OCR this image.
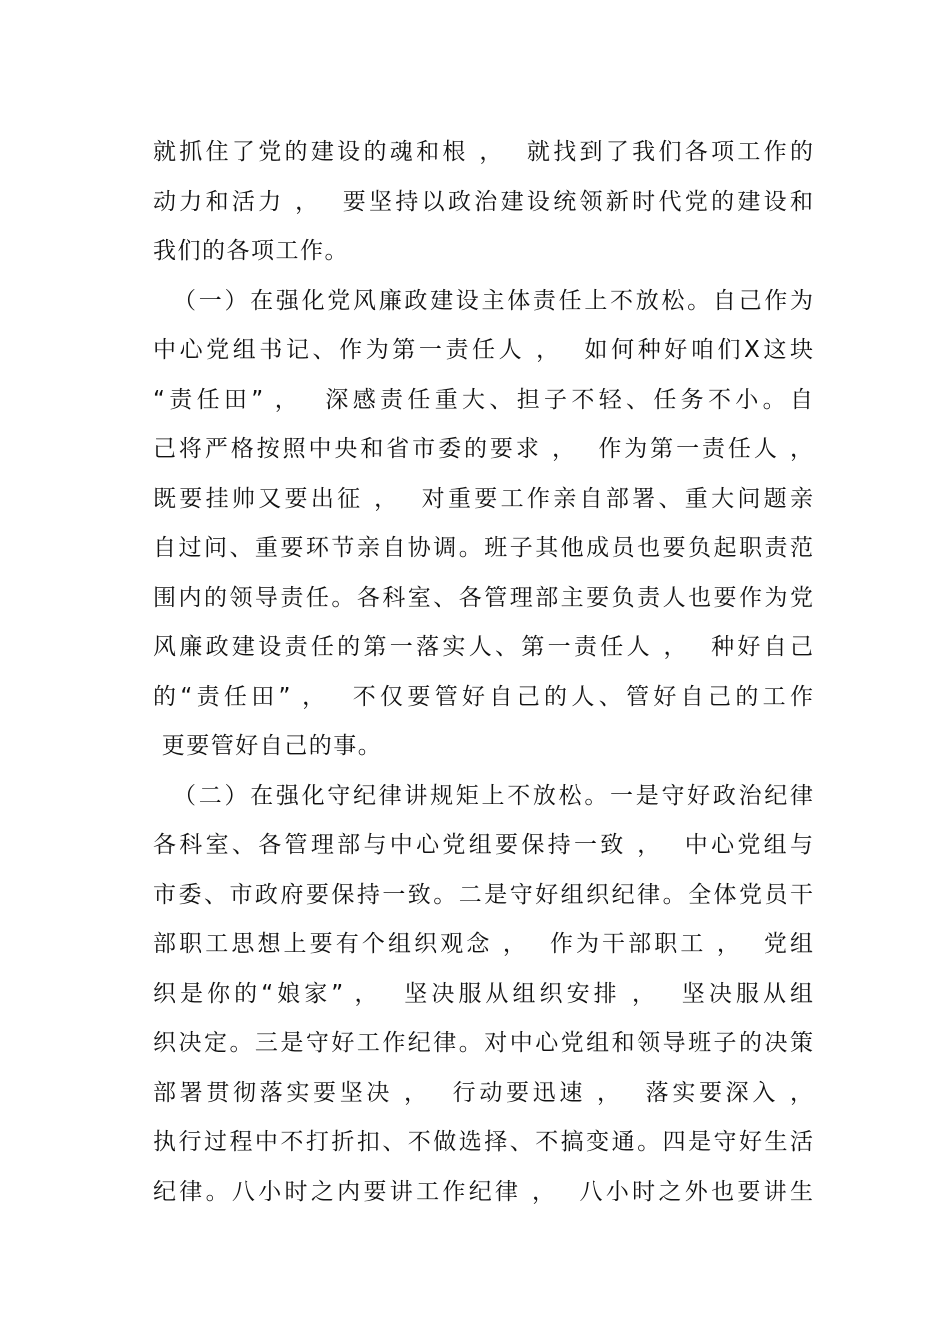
就抓住了党的建设的魂和根 ，  就找到了我们各项工作的
动力和活力 ，  要坚持以政治建设统领新时代党的建设和
我们的各项工作。
（一）在强化党风廉政建设主体责任上不放松。自己作为
中心党组书记、作为第一责任人 ，  如何种好咱们X这块
“责任田” ，  深感责任重大、担子不轻、任务不小。自
己将严格按照中央和省市委的要求 ，  作为第一责任人 ，
既要挂帅又要出征 ，  对重要工作亲自部署、重大问题亲
自过问、重要环节亲自协调。班子其他成员也要负起职责范
围内的领导责任。各科室、各管理部主要负责人也要作为党
风廉政建设责任的第一落实人、第一责任人 ，  种好自己
的“责任田” ，  不仅要管好自己的人、管好自己的工作
更要管好自己的事。
（二）在强化守纪律讲规矩上不放松。一是守好政治纪律
各科室、各管理部与中心党组要保持一致 ，  中心党组与
市委、市政府要保持一致。二是守好组织纪律。全体党员干
部职工思想上要有个组织观念 ，  作为干部职工 ，  党组
织是你的“娘家” ，  坚决服从组织安排 ，  坚决服从组
织决定。三是守好工作纪律。对中心党组和领导班子的决策
部署贯彻落实要坚决 ，  行动要迅速 ，  落实要深入 ，
执行过程中不打折扣、不做选择、不搞变通。四是守好生活
纪律。八小时之内要讲工作纪律 ，  八小时之外也要讲生
